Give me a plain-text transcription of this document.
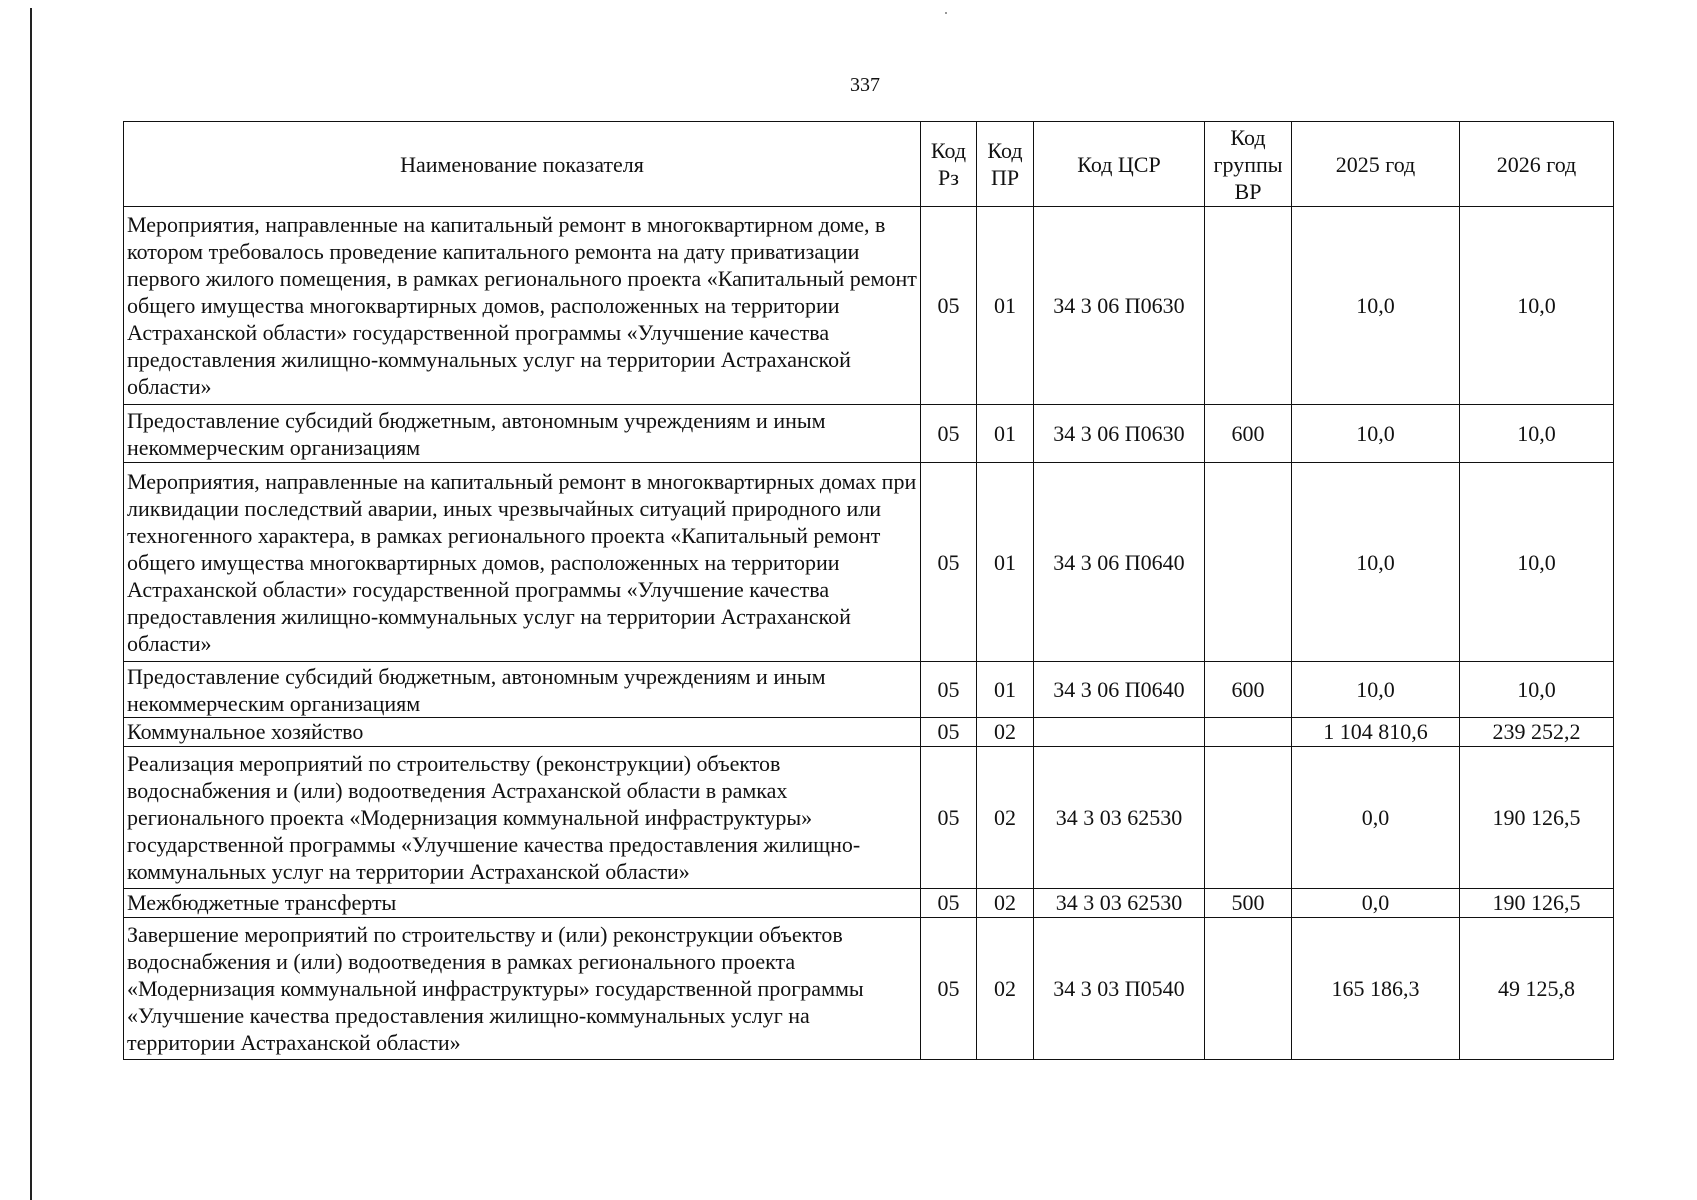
337
Наименование показателя	Код Рз	Код ПР	Код ЦСР	Код группы ВР	2025 год	2026 год
Мероприятия, направленные на капитальный ремонт в многоквартирном доме, в котором требовалось проведение капитального ремонта на дату приватизации первого жилого помещения, в рамках регионального проекта «Капитальный ремонт общего имущества многоквартирных домов, расположенных на территории Астраханской области» государственной программы «Улучшение качества предоставления жилищно-коммунальных услуг на территории Астраханской области»	05	01	34 3 06 П0630		10,0	10,0
Предоставление субсидий бюджетным, автономным учреждениям и иным некоммерческим организациям	05	01	34 3 06 П0630	600	10,0	10,0
Мероприятия, направленные на капитальный ремонт в многоквартирных домах при ликвидации последствий аварии, иных чрезвычайных ситуаций природного или техногенного характера, в рамках регионального проекта «Капитальный ремонт общего имущества многоквартирных домов, расположенных на территории Астраханской области» государственной программы «Улучшение качества предоставления жилищно-коммунальных услуг на территории Астраханской области»	05	01	34 3 06 П0640		10,0	10,0
Предоставление субсидий бюджетным, автономным учреждениям и иным некоммерческим организациям	05	01	34 3 06 П0640	600	10,0	10,0
Коммунальное хозяйство	05	02			1 104 810,6	239 252,2
Реализация мероприятий по строительству (реконструкции) объектов водоснабжения и (или) водоотведения Астраханской области в рамках регионального проекта «Модернизация коммунальной инфраструктуры» государственной программы «Улучшение качества предоставления жилищно-коммунальных услуг на территории Астраханской области»	05	02	34 3 03 62530		0,0	190 126,5
Межбюджетные трансферты	05	02	34 3 03 62530	500	0,0	190 126,5
Завершение мероприятий по строительству и (или) реконструкции объектов водоснабжения и (или) водоотведения в рамках регионального проекта «Модернизация коммунальной инфраструктуры» государственной программы «Улучшение качества предоставления жилищно-коммунальных услуг на территории Астраханской области»	05	02	34 3 03 П0540		165 186,3	49 125,8
